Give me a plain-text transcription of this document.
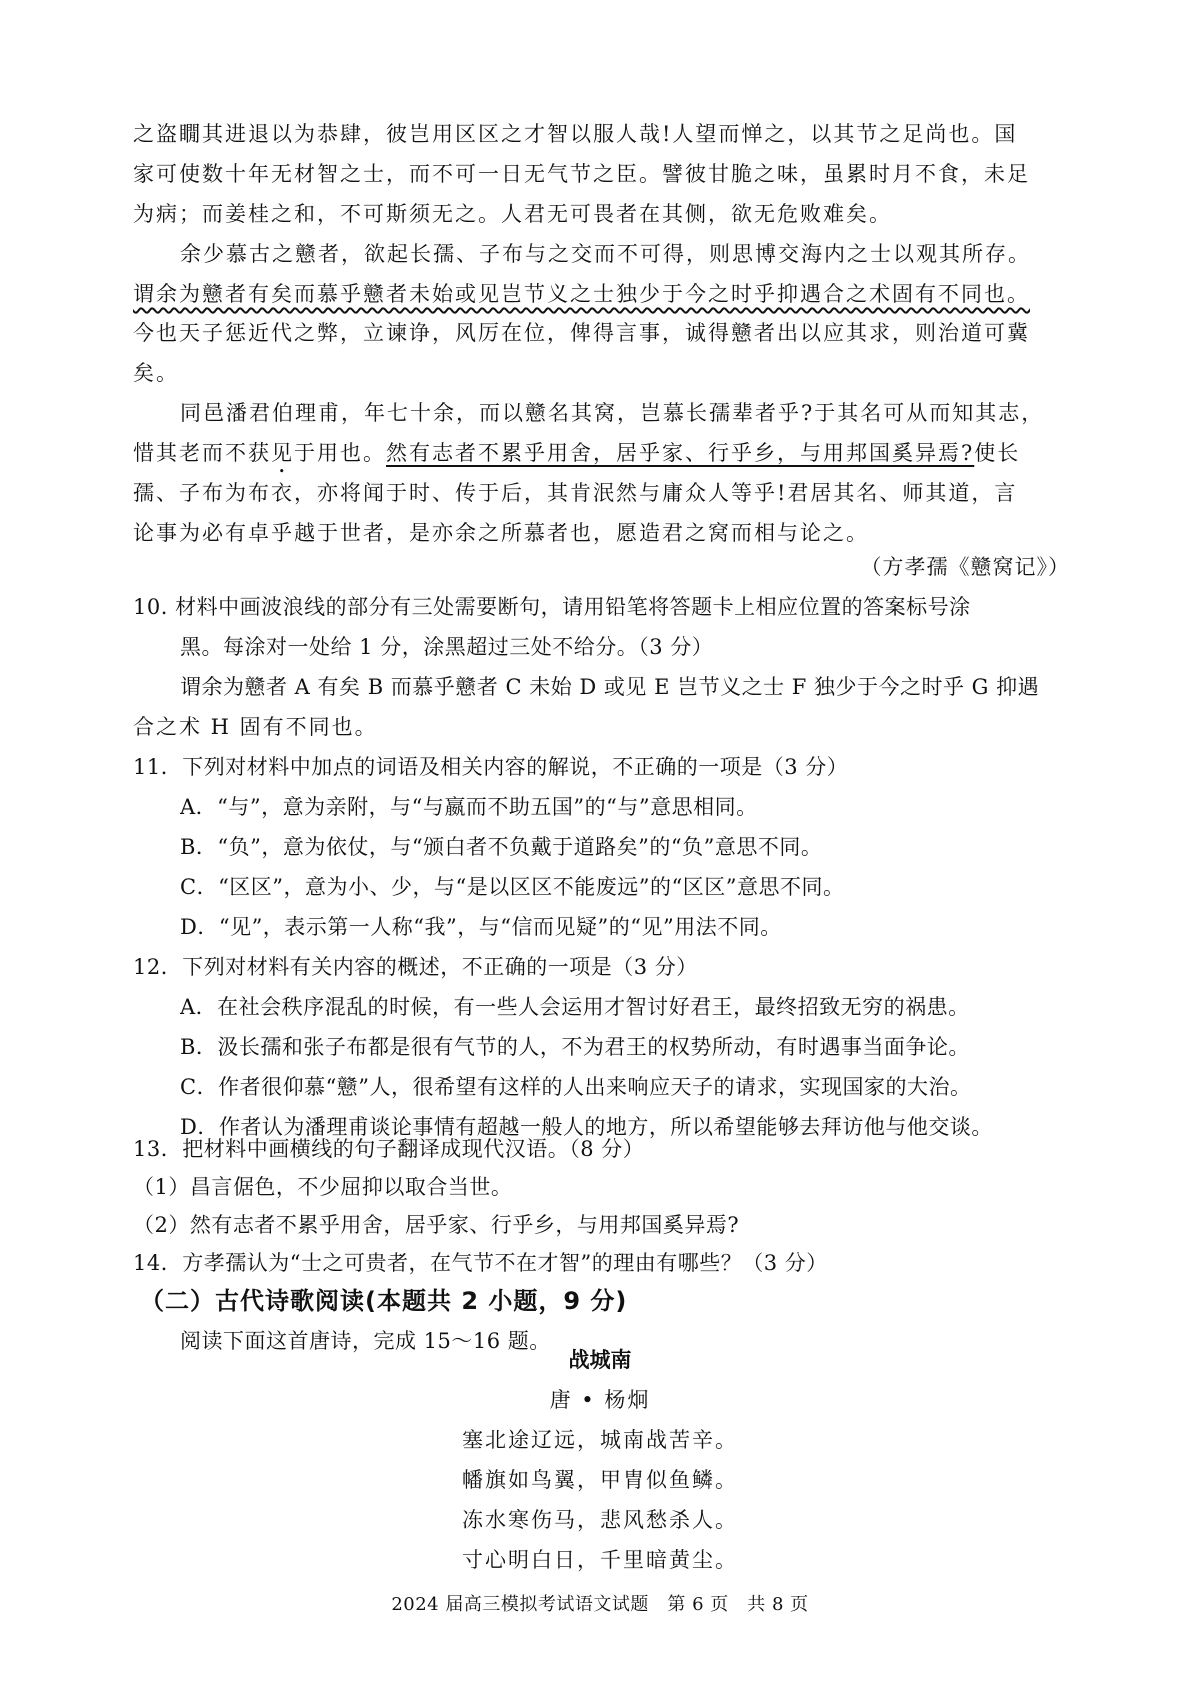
之盗瞯其进退以为恭肆，彼岂用区区之才智以服人哉!人望而惮之，以其节之足尚也。国
家可使数十年无材智之士，而不可一日无气节之臣。譬彼甘脆之味，虽累时月不食，未足
为病；而姜桂之和，不可斯须无之。人君无可畏者在其侧，欲无危败难矣。
余少慕古之戆者，欲起长孺、子布与之交而不可得，则思博交海内之士以观其所存。
谓余为戆者有矣而慕乎戆者未始或见岂节义之士独少于今之时乎抑遇合之术固有不同也。
今也天子惩近代之弊，立谏诤，风厉在位，俾得言事，诚得戆者出以应其求，则治道可冀
矣。
同邑潘君伯理甫，年七十余，而以戆名其窝，岂慕长孺辈者乎?于其名可从而知其志，
惜其老而不获见于用也。然有志者不累乎用舍，居乎家、行乎乡，与用邦国奚异焉?使长
孺、子布为布衣，亦将闻于时、传于后，其肯泯然与庸众人等乎!君居其名、师其道，言
论事为必有卓乎越于世者，是亦余之所慕者也，愿造君之窝而相与论之。
（方孝孺《戆窝记》）
10. 材料中画波浪线的部分有三处需要断句，请用铅笔将答题卡上相应位置的答案标号涂
黑。每涂对一处给 1 分，涂黑超过三处不给分。（3 分）
谓余为戆者 A 有矣 B 而慕乎戆者 C 未始 D 或见 E 岂节义之士 F 独少于今之时乎 G 抑遇
合之术 H 固有不同也。
11．下列对材料中加点的词语及相关内容的解说，不正确的一项是（3 分）
A．“与”，意为亲附，与“与嬴而不助五国”的“与”意思相同。
B．“负”，意为依仗，与“颁白者不负戴于道路矣”的“负”意思不同。
C．“区区”，意为小、少，与“是以区区不能废远”的“区区”意思不同。
D．“见”，表示第一人称“我”，与“信而见疑”的“见”用法不同。
12．下列对材料有关内容的概述，不正确的一项是（3 分）
A．在社会秩序混乱的时候，有一些人会运用才智讨好君王，最终招致无穷的祸患。
B．汲长孺和张子布都是很有气节的人，不为君王的权势所动，有时遇事当面争论。
C．作者很仰慕“戆”人，很希望有这样的人出来响应天子的请求，实现国家的大治。
D．作者认为潘理甫谈论事情有超越一般人的地方，所以希望能够去拜访他与他交谈。
13．把材料中画横线的句子翻译成现代汉语。（8 分）
（1）昌言倨色，不少屈抑以取合当世。
（2）然有志者不累乎用舍，居乎家、行乎乡，与用邦国奚异焉?
（二）古代诗歌阅读(本题共 2 小题，9 分)
阅读下面这首唐诗，完成 15～16 题。
战城南
唐 • 杨炯
塞北途辽远，城南战苦辛。
幡旗如鸟翼，甲胄似鱼鳞。
冻水寒伤马，悲风愁杀人。
寸心明白日，千里暗黄尘。
2024 届高三模拟考试语文试题　第 6 页　共 8 页
14．方孝孺认为“士之可贵者，在气节不在才智”的理由有哪些？（3 分）
